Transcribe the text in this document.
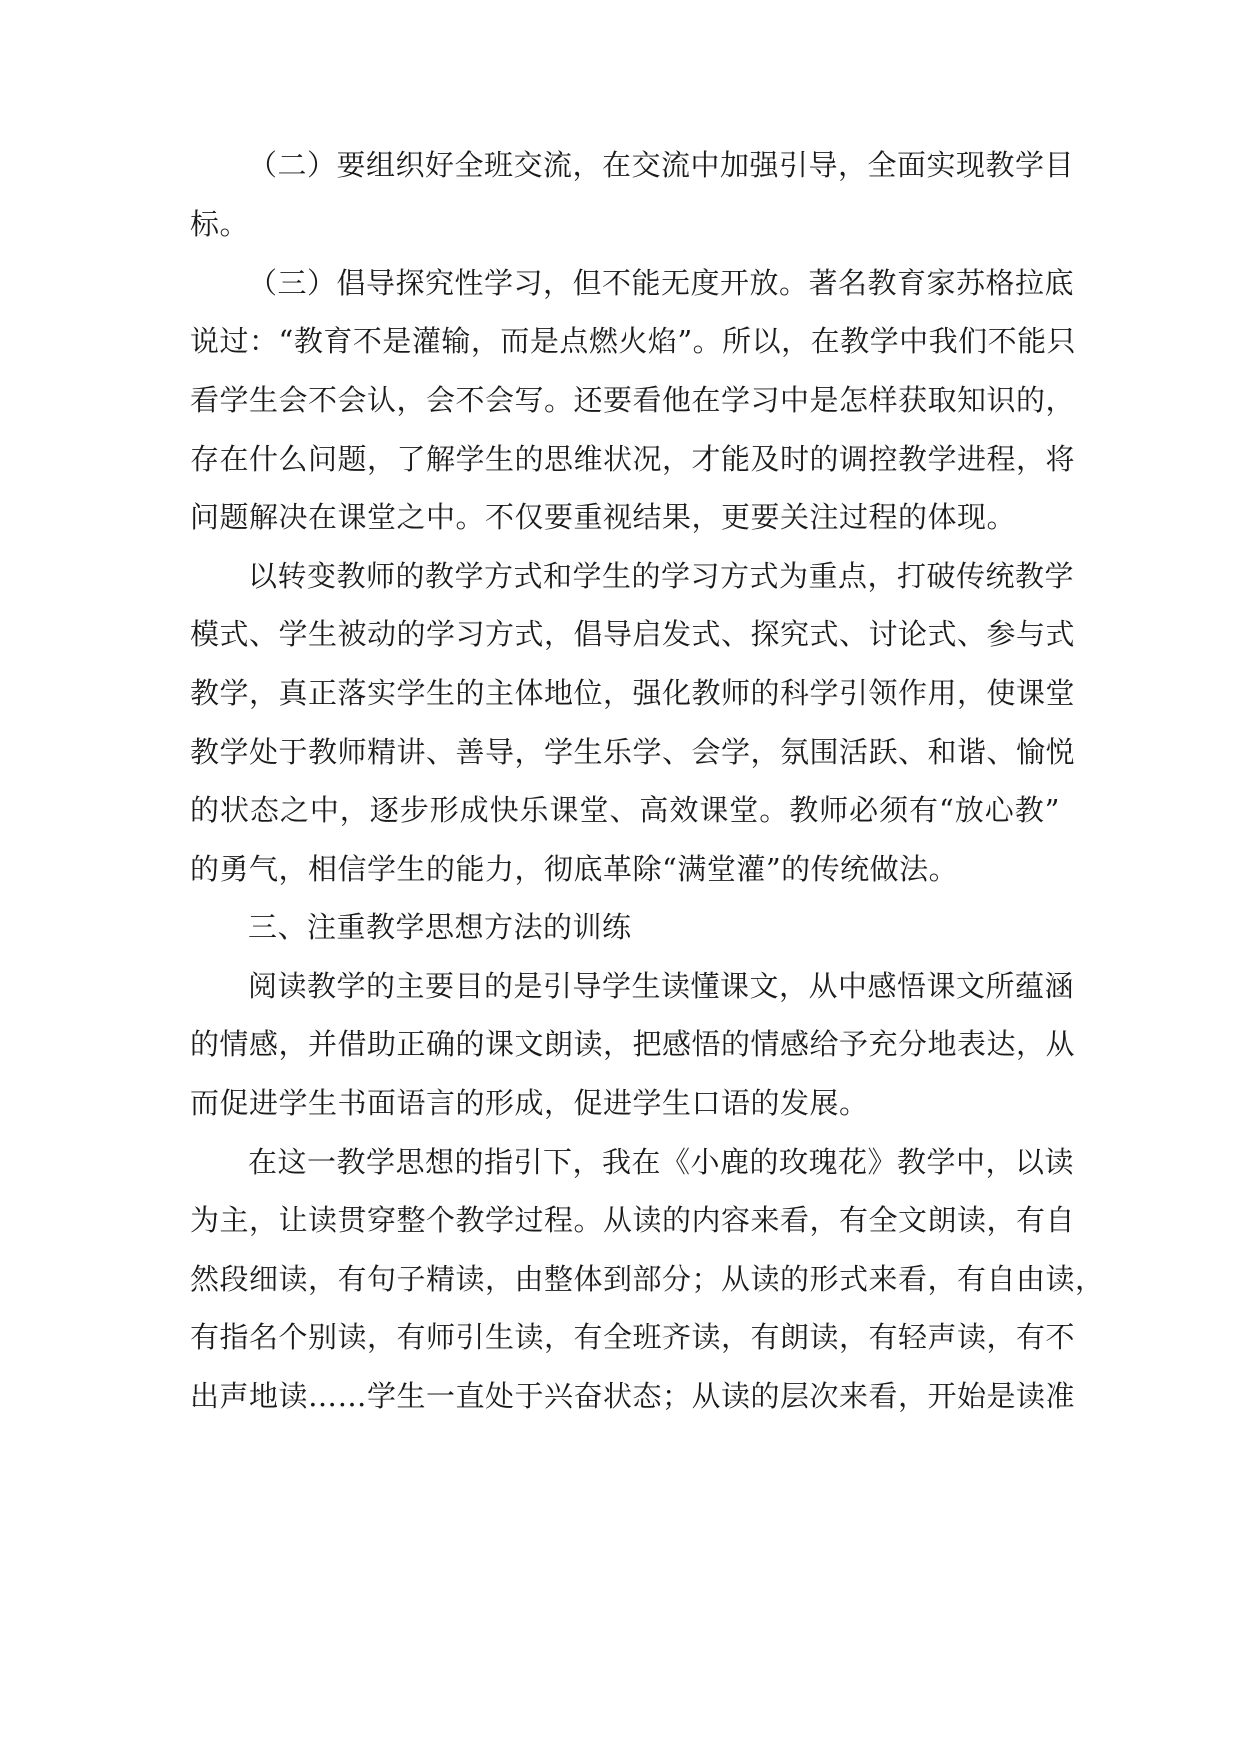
（二）要组织好全班交流，在交流中加强引导，全面实现教学目
标。
（三）倡导探究性学习，但不能无度开放。著名教育家苏格拉底
说过：“教育不是灌输，而是点燃火焰”。所以，在教学中我们不能只
看学生会不会认，会不会写。还要看他在学习中是怎样获取知识的，
存在什么问题，了解学生的思维状况，才能及时的调控教学进程，将
问题解决在课堂之中。不仅要重视结果，更要关注过程的体现。
以转变教师的教学方式和学生的学习方式为重点，打破传统教学
模式、学生被动的学习方式，倡导启发式、探究式、讨论式、参与式
教学，真正落实学生的主体地位，强化教师的科学引领作用，使课堂
教学处于教师精讲、善导，学生乐学、会学，氛围活跃、和谐、愉悦
的状态之中，逐步形成快乐课堂、高效课堂。教师必须有“放心教”
的勇气，相信学生的能力，彻底革除“满堂灌”的传统做法。
三、注重教学思想方法的训练
阅读教学的主要目的是引导学生读懂课文，从中感悟课文所蕴涵
的情感，并借助正确的课文朗读，把感悟的情感给予充分地表达，从
而促进学生书面语言的形成，促进学生口语的发展。
在这一教学思想的指引下，我在《小鹿的玫瑰花》教学中，以读
为主，让读贯穿整个教学过程。从读的内容来看，有全文朗读，有自
然段细读，有句子精读，由整体到部分；从读的形式来看，有自由读，
有指名个别读，有师引生读，有全班齐读，有朗读，有轻声读，有不
出声地读……学生一直处于兴奋状态；从读的层次来看，开始是读准
